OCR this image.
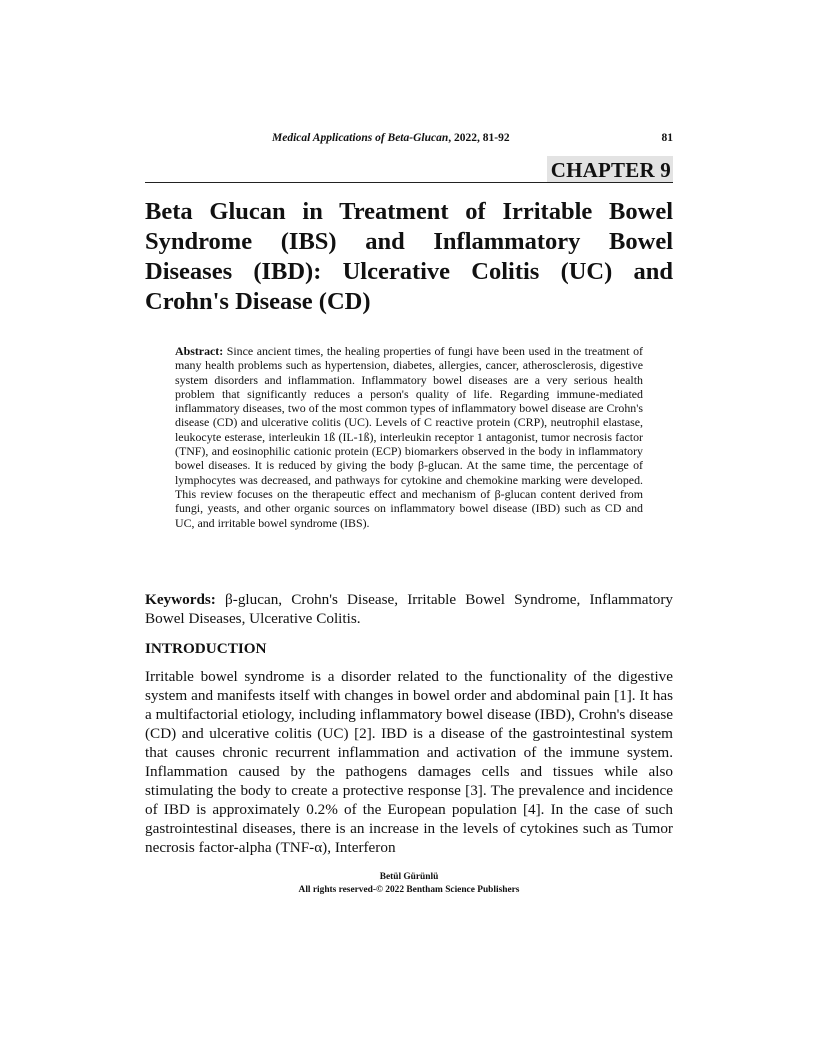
Medical Applications of Beta-Glucan, 2022, 81-92	81
CHAPTER 9
Beta Glucan in Treatment of Irritable Bowel Syndrome (IBS) and Inflammatory Bowel Diseases (IBD): Ulcerative Colitis (UC) and Crohn's Disease (CD)

Abstract: Since ancient times, the healing properties of fungi have been used in the treatment of many health problems such as hypertension, diabetes, allergies, cancer, atherosclerosis, digestive system disorders and inflammation. Inflammatory bowel diseases are a very serious health problem that significantly reduces a person's quality of life. Regarding immune-mediated inflammatory diseases, two of the most common types of inflammatory bowel disease are Crohn's disease (CD) and ulcerative colitis (UC). Levels of C reactive protein (CRP), neutrophil elastase, leukocyte esterase, interleukin 1ß (IL-1ß), interleukin receptor 1 antagonist, tumor necrosis factor (TNF), and eosinophilic cationic protein (ECP) biomarkers observed in the body in inflammatory bowel diseases. It is reduced by giving the body β-glucan. At the same time, the percentage of lymphocytes was decreased, and pathways for cytokine and chemokine marking were developed. This review focuses on the therapeutic effect and mechanism of β-glucan content derived from fungi, yeasts, and other organic sources on inflammatory bowel disease (IBD) such as CD and UC, and irritable bowel syndrome (IBS).

Keywords: β-glucan, Crohn's Disease, Irritable Bowel Syndrome, Inflammatory Bowel Diseases, Ulcerative Colitis.

INTRODUCTION

Irritable bowel syndrome is a disorder related to the functionality of the digestive system and manifests itself with changes in bowel order and abdominal pain [1]. It has a multifactorial etiology, including inflammatory bowel disease (IBD), Crohn's disease (CD) and ulcerative colitis (UC) [2]. IBD is a disease of the gastrointestinal system that causes chronic recurrent inflammation and activation of the immune system. Inflammation caused by the pathogens damages cells and tissues while also stimulating the body to create a protective response [3]. The prevalence and incidence of IBD is approximately 0.2% of the European population [4]. In the case of such gastrointestinal diseases, there is an increase in the levels of cytokines such as Tumor necrosis factor-alpha (TNF-α), Interferon

Betül Gürünlü
All rights reserved-© 2022 Bentham Science Publishers
